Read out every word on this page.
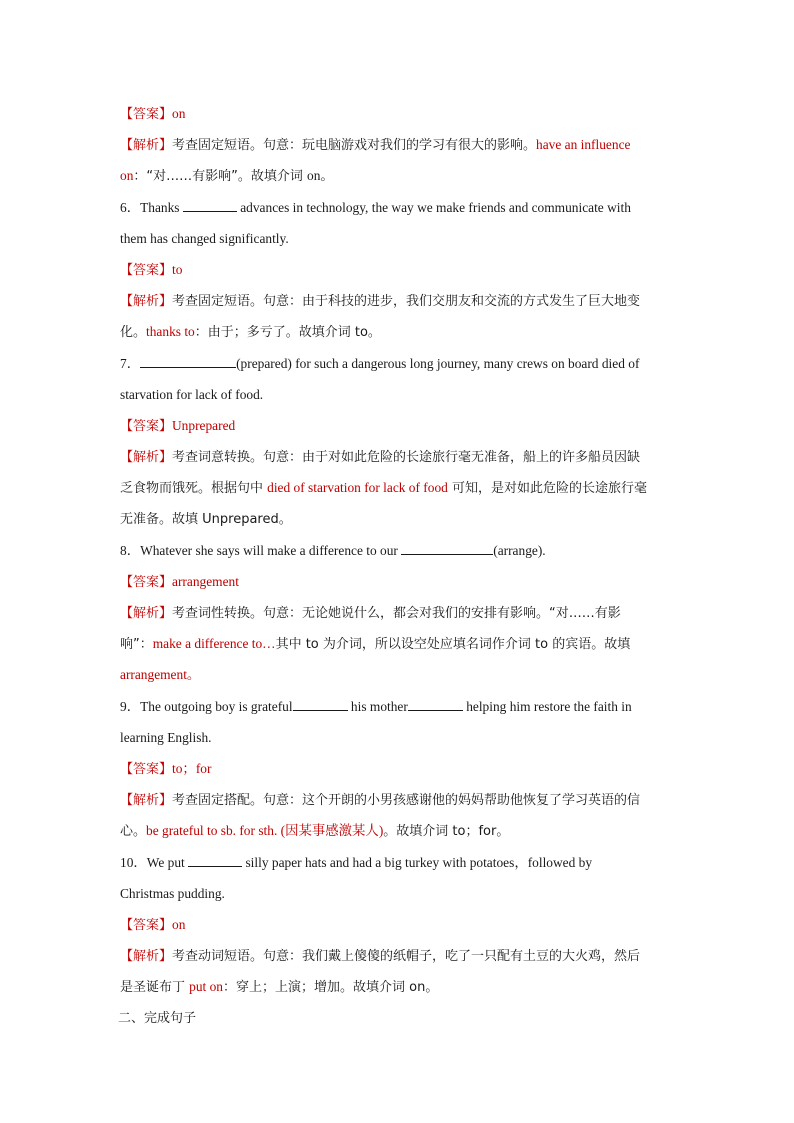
【答案】on
【解析】考查固定短语。句意：玩电脑游戏对我们的学习有很大的影响。have an influence
on：“对……有影响”。故填介词 on。
6．Thanks	advances in technology, the way we make friends and communicate with
them has changed significantly.
【答案】to
【解析】考查固定短语。句意：由于科技的进步，我们交朋友和交流的方式发生了巨大地变
化。thanks to：由于；多亏了。故填介词 to。
7．	(prepared) for such a dangerous long journey, many crews on board died of
starvation for lack of food.
【答案】Unprepared
【解析】考查词意转换。句意：由于对如此危险的长途旅行毫无准备，船上的许多船员因缺
乏食物而饿死。根据句中 died of starvation for lack of food 可知，是对如此危险的长途旅行毫
无准备。故填 Unprepared。
8．Whatever she says will make a difference to our	(arrange).
【答案】arrangement
【解析】考查词性转换。句意：无论她说什么，都会对我们的安排有影响。“对……有影
响”：make a difference to…其中 to 为介词，所以设空处应填名词作介词 to 的宾语。故填
arrangement。
9．The outgoing boy is grateful	his mother	helping him restore the faith in
learning English.
【答案】to；for
【解析】考查固定搭配。句意：这个开朗的小男孩感谢他的妈妈帮助他恢复了学习英语的信
心。be grateful to sb. for sth. (因某事感激某人)。故填介词 to；for。
10．We put	silly paper hats and had a big turkey with potatoes，followed by
Christmas pudding.
【答案】on
【解析】考查动词短语。句意：我们戴上傻傻的纸帽子，吃了一只配有土豆的大火鸡，然后
是圣诞布丁 put on：穿上；上演；增加。故填介词 on。
二、完成句子
